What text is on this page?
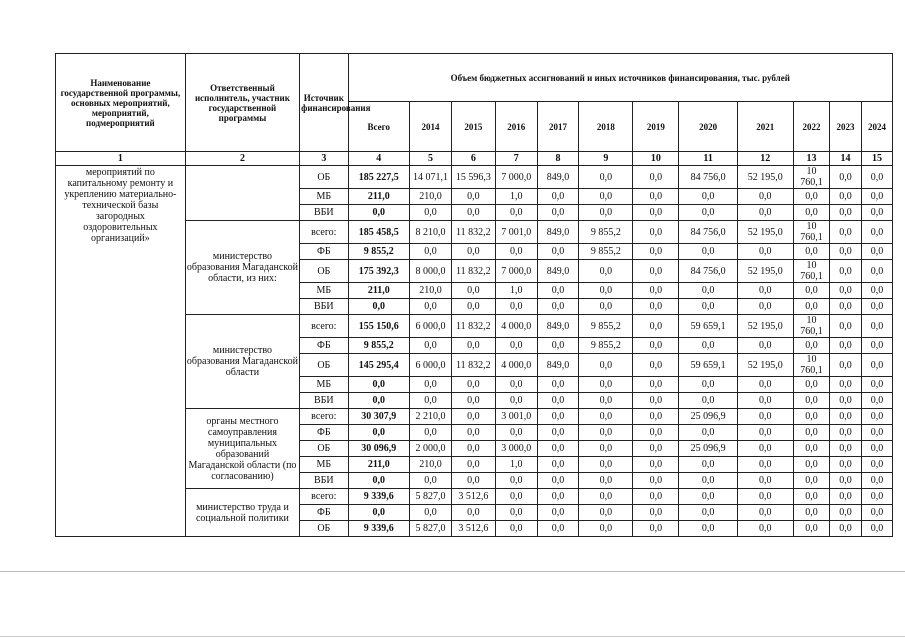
Наименование государственной программы, основных мероприятий, мероприятий, подмероприятий	Ответственный исполнитель, участник государственной программы	Источник финансирования	Объем бюджетных ассигнований и иных источников финансирования, тыс. рублей											
			Всего	2014	2015	2016	2017	2018	2019	2020	2021	2022	2023	2024
1	2	3	4	5	6	7	8	9	10	11	12	13	14	15
мероприятий по капитальному ремонту и укреплению материально-технической базы загородных оздоровительных организаций»		ОБ	185 227,5	14 071,1	15 596,3	7 000,0	849,0	0,0	0,0	84 756,0	52 195,0	10 760,1	0,0	0,0
		МБ	211,0	210,0	0,0	1,0	0,0	0,0	0,0	0,0	0,0	0,0	0,0	0,0
		ВБИ	0,0	0,0	0,0	0,0	0,0	0,0	0,0	0,0	0,0	0,0	0,0	0,0
	министерство образования Магаданской области, из них:	всего:	185 458,5	8 210,0	11 832,2	7 001,0	849,0	9 855,2	0,0	84 756,0	52 195,0	10 760,1	0,0	0,0
		ФБ	9 855,2	0,0	0,0	0,0	0,0	9 855,2	0,0	0,0	0,0	0,0	0,0	0,0
		ОБ	175 392,3	8 000,0	11 832,2	7 000,0	849,0	0,0	0,0	84 756,0	52 195,0	10 760,1	0,0	0,0
		МБ	211,0	210,0	0,0	1,0	0,0	0,0	0,0	0,0	0,0	0,0	0,0	0,0
		ВБИ	0,0	0,0	0,0	0,0	0,0	0,0	0,0	0,0	0,0	0,0	0,0	0,0
	министерство образования Магаданской области	всего:	155 150,6	6 000,0	11 832,2	4 000,0	849,0	9 855,2	0,0	59 659,1	52 195,0	10 760,1	0,0	0,0
		ФБ	9 855,2	0,0	0,0	0,0	0,0	9 855,2	0,0	0,0	0,0	0,0	0,0	0,0
		ОБ	145 295,4	6 000,0	11 832,2	4 000,0	849,0	0,0	0,0	59 659,1	52 195,0	10 760,1	0,0	0,0
		МБ	0,0	0,0	0,0	0,0	0,0	0,0	0,0	0,0	0,0	0,0	0,0	0,0
		ВБИ	0,0	0,0	0,0	0,0	0,0	0,0	0,0	0,0	0,0	0,0	0,0	0,0
	органы местного самоуправления муниципальных образований Магаданской области (по согласованию)	всего:	30 307,9	2 210,0	0,0	3 001,0	0,0	0,0	0,0	25 096,9	0,0	0,0	0,0	0,0
		ФБ	0,0	0,0	0,0	0,0	0,0	0,0	0,0	0,0	0,0	0,0	0,0	0,0
		ОБ	30 096,9	2 000,0	0,0	3 000,0	0,0	0,0	0,0	25 096,9	0,0	0,0	0,0	0,0
		МБ	211,0	210,0	0,0	1,0	0,0	0,0	0,0	0,0	0,0	0,0	0,0	0,0
		ВБИ	0,0	0,0	0,0	0,0	0,0	0,0	0,0	0,0	0,0	0,0	0,0	0,0
	министерство труда и социальной политики	всего:	9 339,6	5 827,0	3 512,6	0,0	0,0	0,0	0,0	0,0	0,0	0,0	0,0	0,0
		ФБ	0,0	0,0	0,0	0,0	0,0	0,0	0,0	0,0	0,0	0,0	0,0	0,0
		ОБ	9 339,6	5 827,0	3 512,6	0,0	0,0	0,0	0,0	0,0	0,0	0,0	0,0	0,0
